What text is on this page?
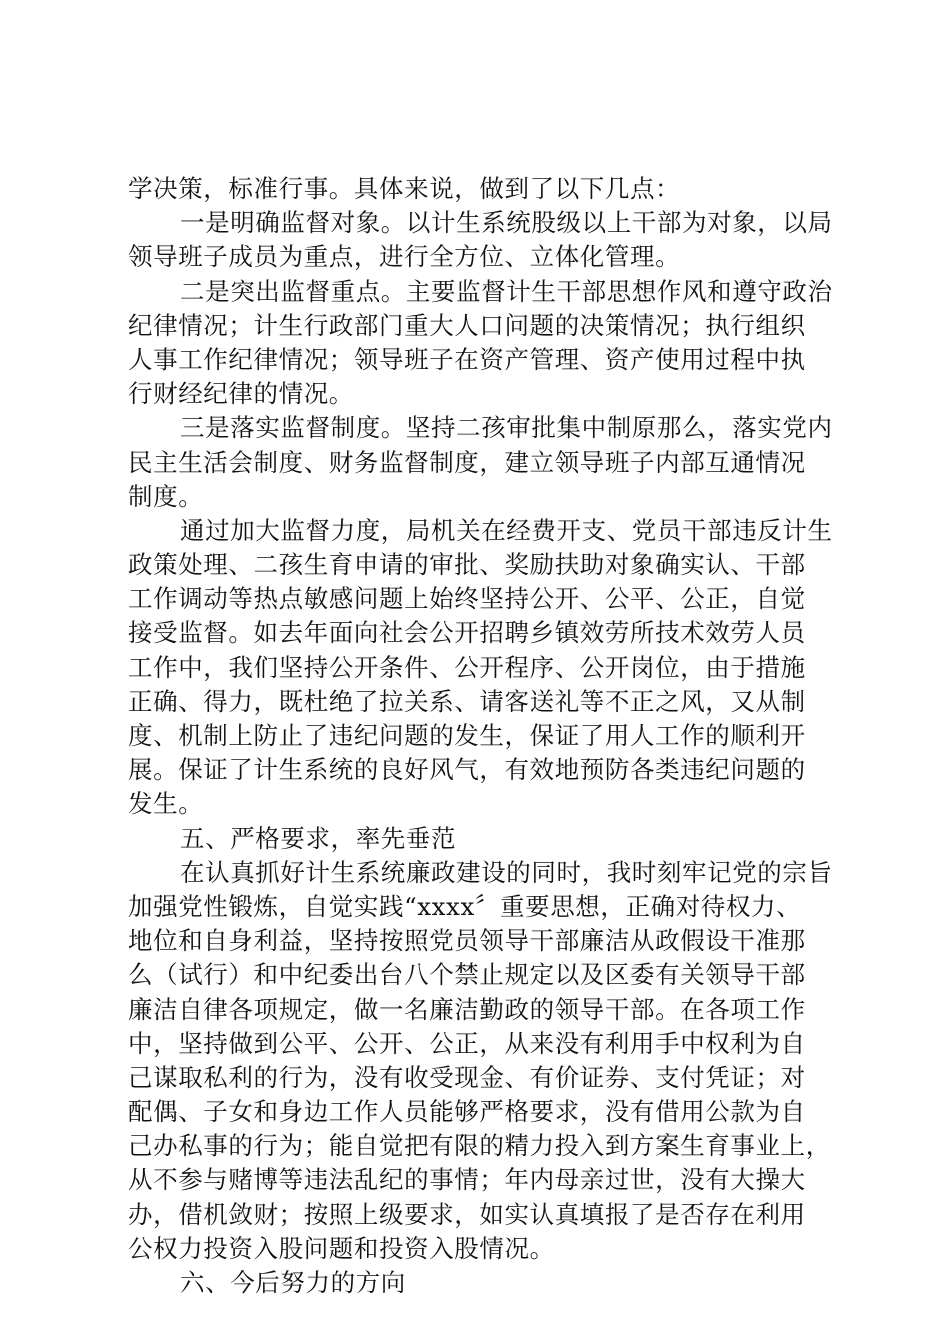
学决策，标准行事。具体来说，做到了以下几点：
一是明确监督对象。以计生系统股级以上干部为对象，以局
领导班子成员为重点，进行全方位、立体化管理。
二是突出监督重点。主要监督计生干部思想作风和遵守政治
纪律情况；计生行政部门重大人口问题的决策情况；执行组织
人事工作纪律情况；领导班子在资产管理、资产使用过程中执
行财经纪律的情况。
三是落实监督制度。坚持二孩审批集中制原那么，落实党内
民主生活会制度、财务监督制度，建立领导班子内部互通情况
制度。
通过加大监督力度，局机关在经费开支、党员干部违反计生
政策处理、二孩生育申请的审批、奖励扶助对象确实认、干部
工作调动等热点敏感问题上始终坚持公开、公平、公正，自觉
接受监督。如去年面向社会公开招聘乡镇效劳所技术效劳人员
工作中，我们坚持公开条件、公开程序、公开岗位，由于措施
正确、得力，既杜绝了拉关系、请客送礼等不正之风，又从制
度、机制上防止了违纪问题的发生，保证了用人工作的顺利开
展。保证了计生系统的良好风气，有效地预防各类违纪问题的
发生。
五、严格要求，率先垂范
在认真抓好计生系统廉政建设的同时，我时刻牢记党的宗旨
加强党性锻炼，自觉实践“xxxx〞重要思想，正确对待权力、
地位和自身利益，坚持按照党员领导干部廉洁从政假设干准那
么（试行）和中纪委出台八个禁止规定以及区委有关领导干部
廉洁自律各项规定，做一名廉洁勤政的领导干部。在各项工作
中，坚持做到公平、公开、公正，从来没有利用手中权利为自
己谋取私利的行为，没有收受现金、有价证券、支付凭证；对
配偶、子女和身边工作人员能够严格要求，没有借用公款为自
己办私事的行为；能自觉把有限的精力投入到方案生育事业上，
从不参与赌博等违法乱纪的事情；年内母亲过世，没有大操大
办，借机敛财；按照上级要求，如实认真填报了是否存在利用
公权力投资入股问题和投资入股情况。
六、今后努力的方向
